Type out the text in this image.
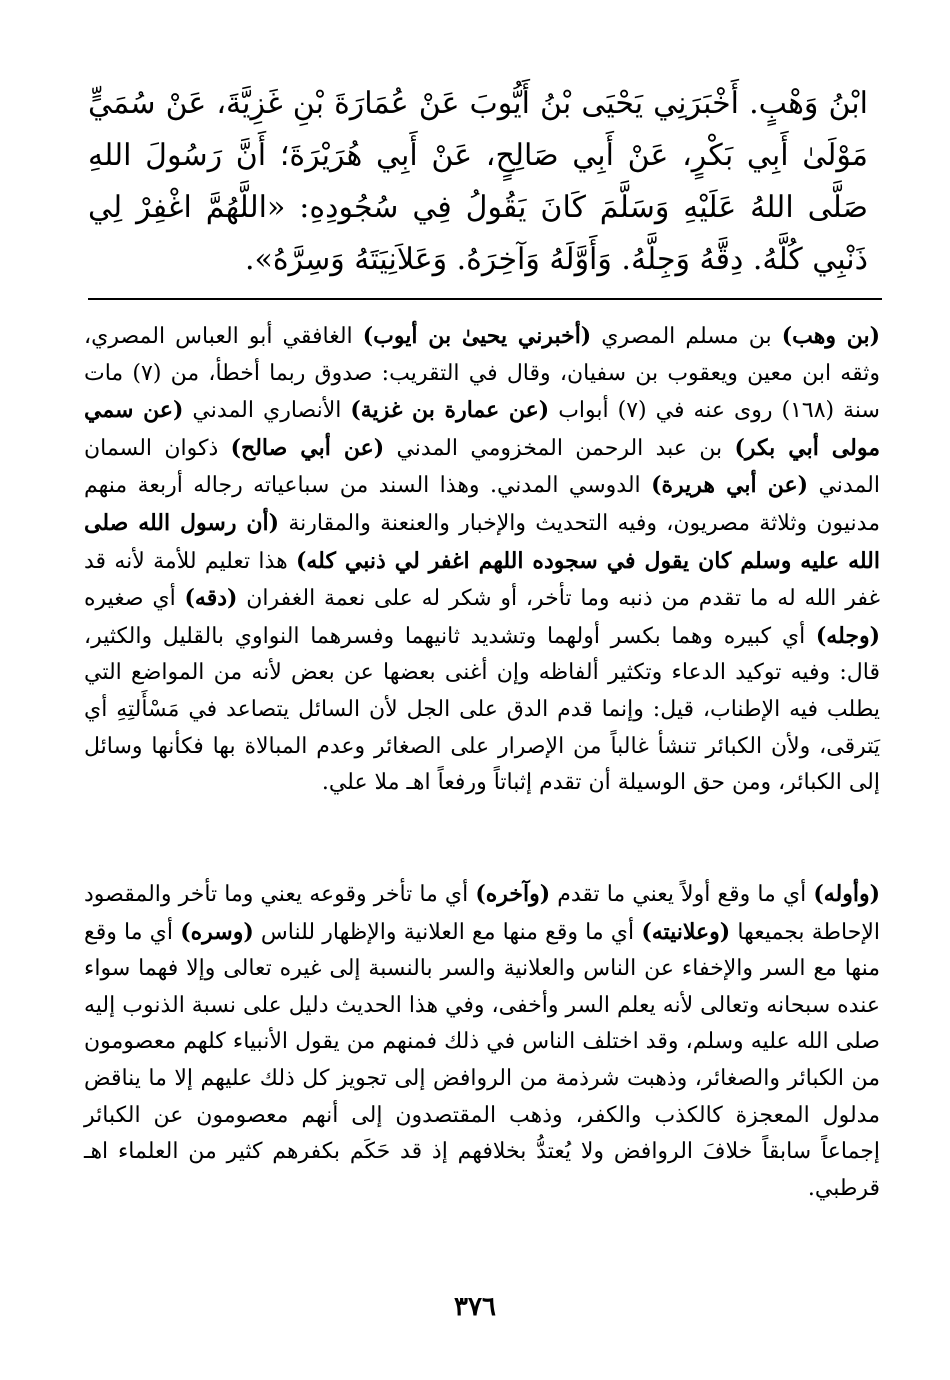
ابْنُ وَهْبٍ. أَخْبَرَنِي يَحْيَى بْنُ أَيُّوبَ عَنْ عُمَارَةَ بْنِ غَزِيَّةَ، عَنْ سُمَيٍّ مَوْلَىٰ أَبِي بَكْرٍ، عَنْ أَبِي صَالِحٍ، عَنْ أَبِي هُرَيْرَةَ؛ أَنَّ رَسُولَ اللهِ صَلَّى اللهُ عَلَيْهِ وَسَلَّمَ كَانَ يَقُولُ فِي سُجُودِهِ: «اللَّهُمَّ اغْفِرْ لِي ذَنْبِي كُلَّهُ. دِقَّهُ وَجِلَّهُ. وَأَوَّلَهُ وَآخِرَهُ. وَعَلاَنِيَتَهُ وَسِرَّهُ».

(بن وهب) بن مسلم المصري (أخبرني يحيىٰ بن أيوب) الغافقي أبو العباس المصري، وثقه ابن معين ويعقوب بن سفيان، وقال في التقريب: صدوق ربما أخطأ، من (٧) مات سنة (١٦٨) روى عنه في (٧) أبواب (عن عمارة بن غزية) الأنصاري المدني (عن سمي مولى أبي بكر) بن عبد الرحمن المخزومي المدني (عن أبي صالح) ذكوان السمان المدني (عن أبي هريرة) الدوسي المدني. وهذا السند من سباعياته رجاله أربعة منهم مدنيون وثلاثة مصريون، وفيه التحديث والإخبار والعنعنة والمقارنة (أن رسول الله صلى الله عليه وسلم كان يقول في سجوده اللهم اغفر لي ذنبي كله) هذا تعليم للأمة لأنه قد غفر الله له ما تقدم من ذنبه وما تأخر، أو شكر له على نعمة الغفران (دقه) أي صغيره (وجله) أي كبيره وهما بكسر أولهما وتشديد ثانيهما وفسرهما النواوي بالقليل والكثير، قال: وفيه توكيد الدعاء وتكثير ألفاظه وإن أغنى بعضها عن بعض لأنه من المواضع التي يطلب فيه الإطناب، قيل: وإنما قدم الدق على الجل لأن السائل يتصاعد في مَسْأَلتِهِ أي يَترقى، ولأن الكبائر تنشأ غالباً من الإصرار على الصغائر وعدم المبالاة بها فكأنها وسائل إلى الكبائر، ومن حق الوسيلة أن تقدم إثباتاً ورفعاً اهـ ملا علي.

(وأوله) أي ما وقع أولاً يعني ما تقدم (وآخره) أي ما تأخر وقوعه يعني وما تأخر والمقصود الإحاطة بجميعها (وعلانيته) أي ما وقع منها مع العلانية والإظهار للناس (وسره) أي ما وقع منها مع السر والإخفاء عن الناس والعلانية والسر بالنسبة إلى غيره تعالى وإلا فهما سواء عنده سبحانه وتعالى لأنه يعلم السر وأخفى، وفي هذا الحديث دليل على نسبة الذنوب إليه صلى الله عليه وسلم، وقد اختلف الناس في ذلك فمنهم من يقول الأنبياء كلهم معصومون من الكبائر والصغائر، وذهبت شرذمة من الروافض إلى تجويز كل ذلك عليهم إلا ما يناقض مدلول المعجزة كالكذب والكفر، وذهب المقتصدون إلى أنهم معصومون عن الكبائر إجماعاً سابقاً خلافَ الروافض ولا يُعتدُّ بخلافهم إذ قد حَكَم بكفرهم كثير من العلماء اهـ قرطبي.

٣٧٦
